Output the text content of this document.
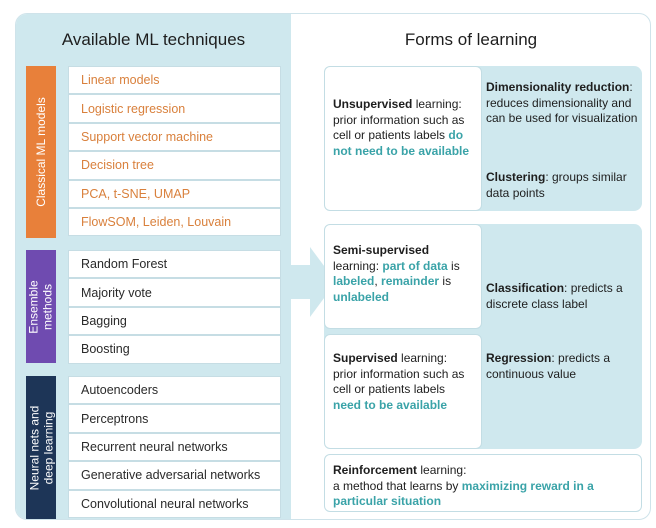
Available ML techniques
Classical ML models
Linear models
Logistic regression
Support vector machine
Decision tree
PCA, t-SNE, UMAP
FlowSOM, Leiden, Louvain
Ensemble methods
Random Forest
Majority vote
Bagging
Boosting
Neural nets and deep learning
Autoencoders
Perceptrons
Recurrent neural networks
Generative adversarial networks
Convolutional neural networks
Forms of learning
Unsupervised learning: prior information such as cell or patients labels do not need to be available
Dimensionality reduction: reduces dimensionality and can be used for visualization
Clustering: groups similar data points
Semi-supervised learning: part of data is labeled, remainder is unlabeled
Supervised learning: prior information such as cell or patients labels need to be available
Classification: predicts a discrete class label
Regression: predicts a continuous value
Reinforcement learning:
a method that learns by maximizing reward in a particular situation
